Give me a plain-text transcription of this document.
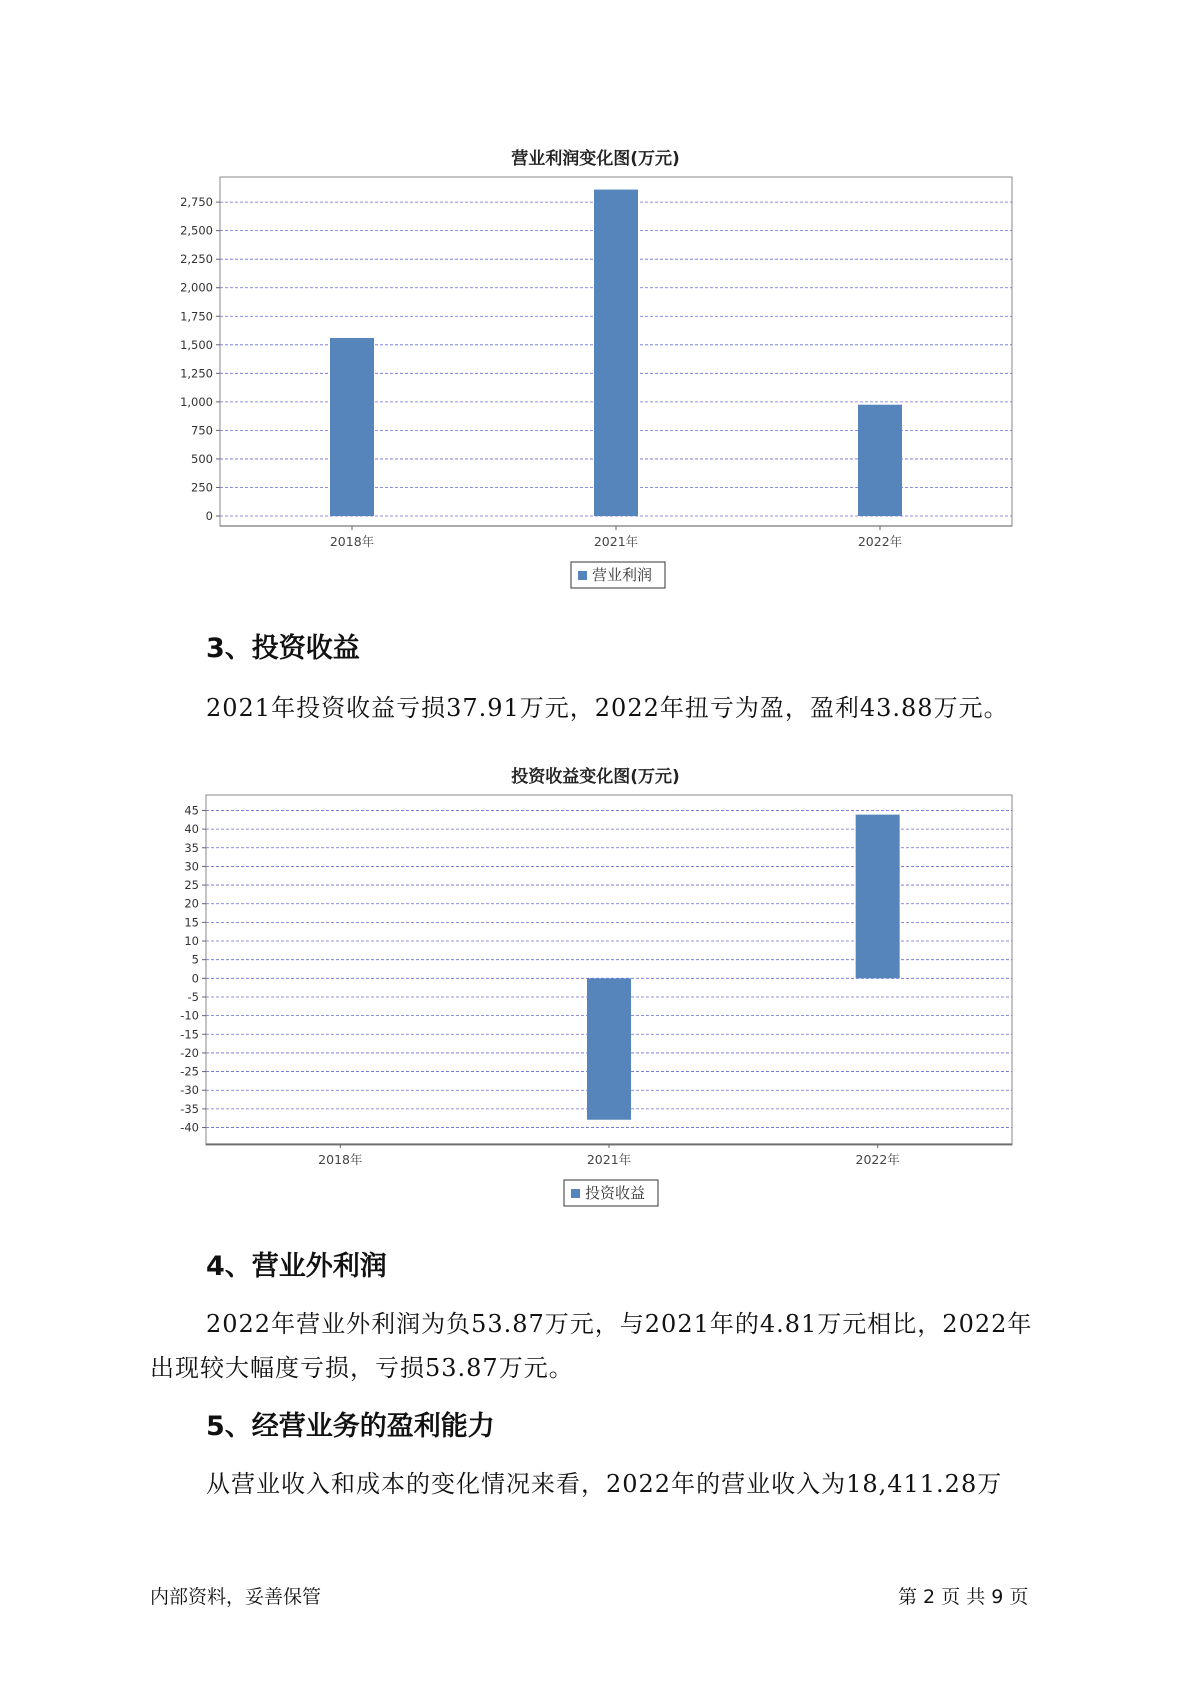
营业利润变化图(万元)
0
250
500
750
1,000
1,250
1,500
1,750
2,000
2,250
2,500
2,750
2018年	2021年	2022年
营业利润
3、投资收益
2021年投资收益亏损37.91万元，2022年扭亏为盈，盈利43.88万元。
投资收益变化图(万元)
-40
-35
-30
-25
-20
-15
-10
-5
0
5
10
15
20
25
30
35
40
45
2018年	2021年	2022年
投资收益
4、营业外利润
2022年营业外利润为负53.87万元，与2021年的4.81万元相比，2022年
出现较大幅度亏损，亏损53.87万元。
5、经营业务的盈利能力
从营业收入和成本的变化情况来看，2022年的营业收入为18,411.28万
内部资料，妥善保管	第 2 页 共 9 页
